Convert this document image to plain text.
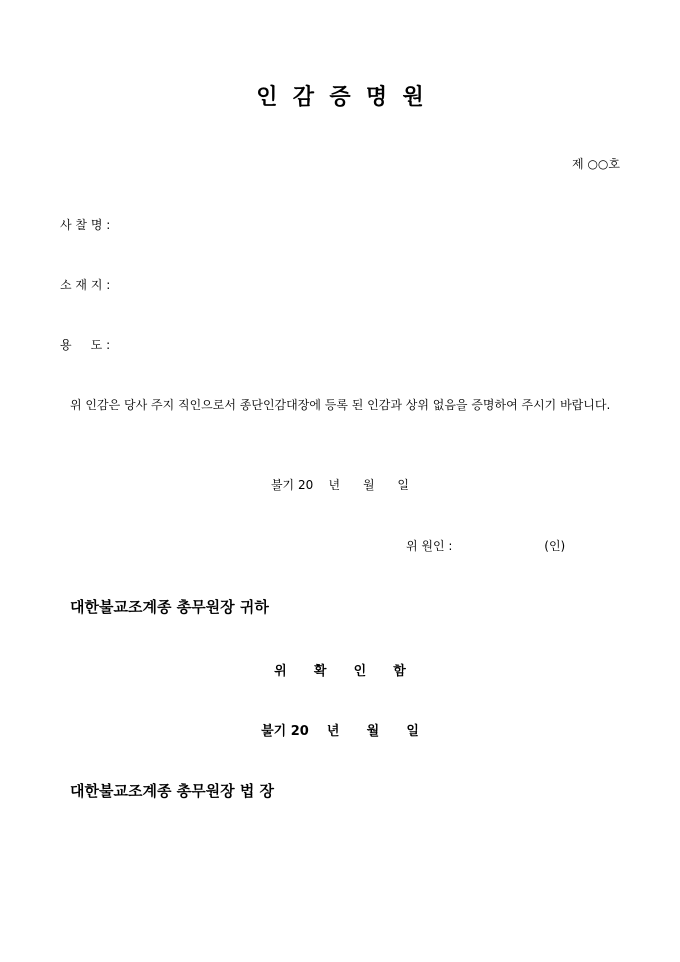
인  감  증  명  원
제 ○○호
사 찰 명 :
소 재 지 :
용     도 :
위 인감은 당사 주지 직인으로서 종단인감대장에 등록 된 인감과 상위 없음을 증명하여 주시기 바랍니다.
불기 20    년      월      일
위 원인 :	(인)
대한불교조계종 총무원장 귀하
위      확      인      함
불기 20    년      월      일
대한불교조계종 총무원장 법 장
